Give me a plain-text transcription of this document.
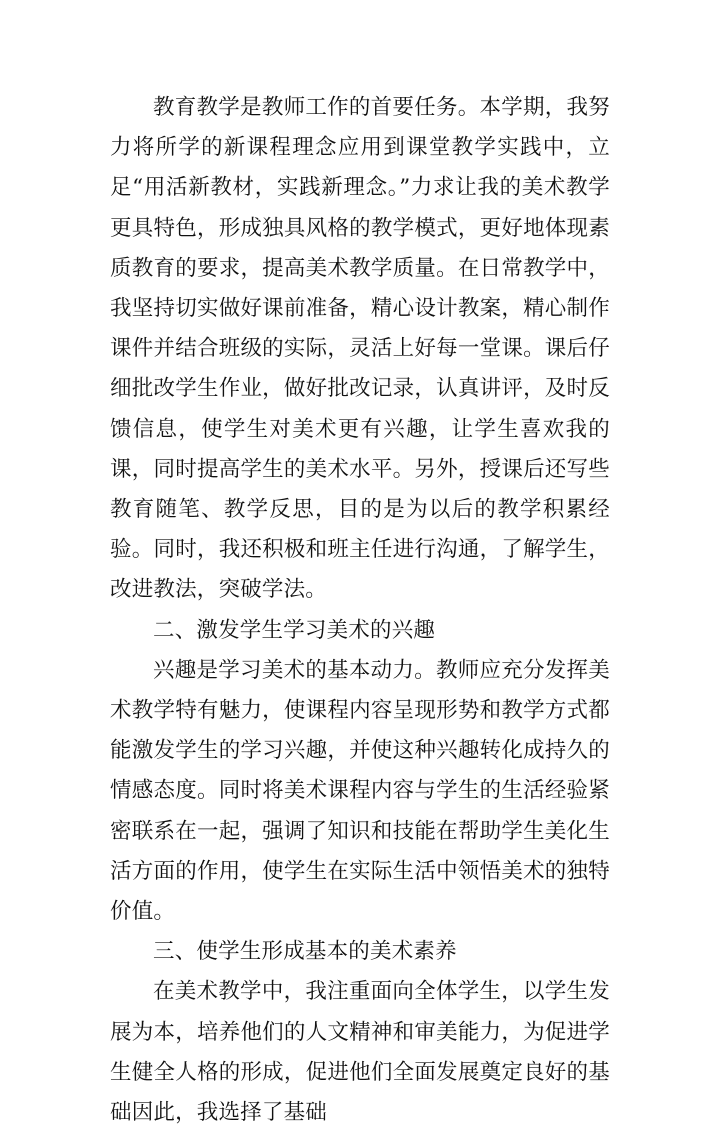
教育教学是教师工作的首要任务。本学期，我努力将所学的新课程理念应用到课堂教学实践中，立足“用活新教材，实践新理念。”力求让我的美术教学更具特色，形成独具风格的教学模式，更好地体现素质教育的要求，提高美术教学质量。在日常教学中，我坚持切实做好课前准备，精心设计教案，精心制作课件并结合班级的实际，灵活上好每一堂课。课后仔细批改学生作业，做好批改记录，认真讲评，及时反馈信息，使学生对美术更有兴趣，让学生喜欢我的课，同时提高学生的美术水平。另外，授课后还写些教育随笔、教学反思，目的是为以后的教学积累经验。同时，我还积极和班主任进行沟通，了解学生，改进教法，突破学法。

二、激发学生学习美术的兴趣

兴趣是学习美术的基本动力。教师应充分发挥美术教学特有魅力，使课程内容呈现形势和教学方式都能激发学生的学习兴趣，并使这种兴趣转化成持久的情感态度。同时将美术课程内容与学生的生活经验紧密联系在一起，强调了知识和技能在帮助学生美化生活方面的作用，使学生在实际生活中领悟美术的独特价值。

三、使学生形成基本的美术素养

在美术教学中，我注重面向全体学生，以学生发展为本，培养他们的人文精神和审美能力，为促进学生健全人格的形成，促进他们全面发展奠定良好的基础因此，我选择了基础
